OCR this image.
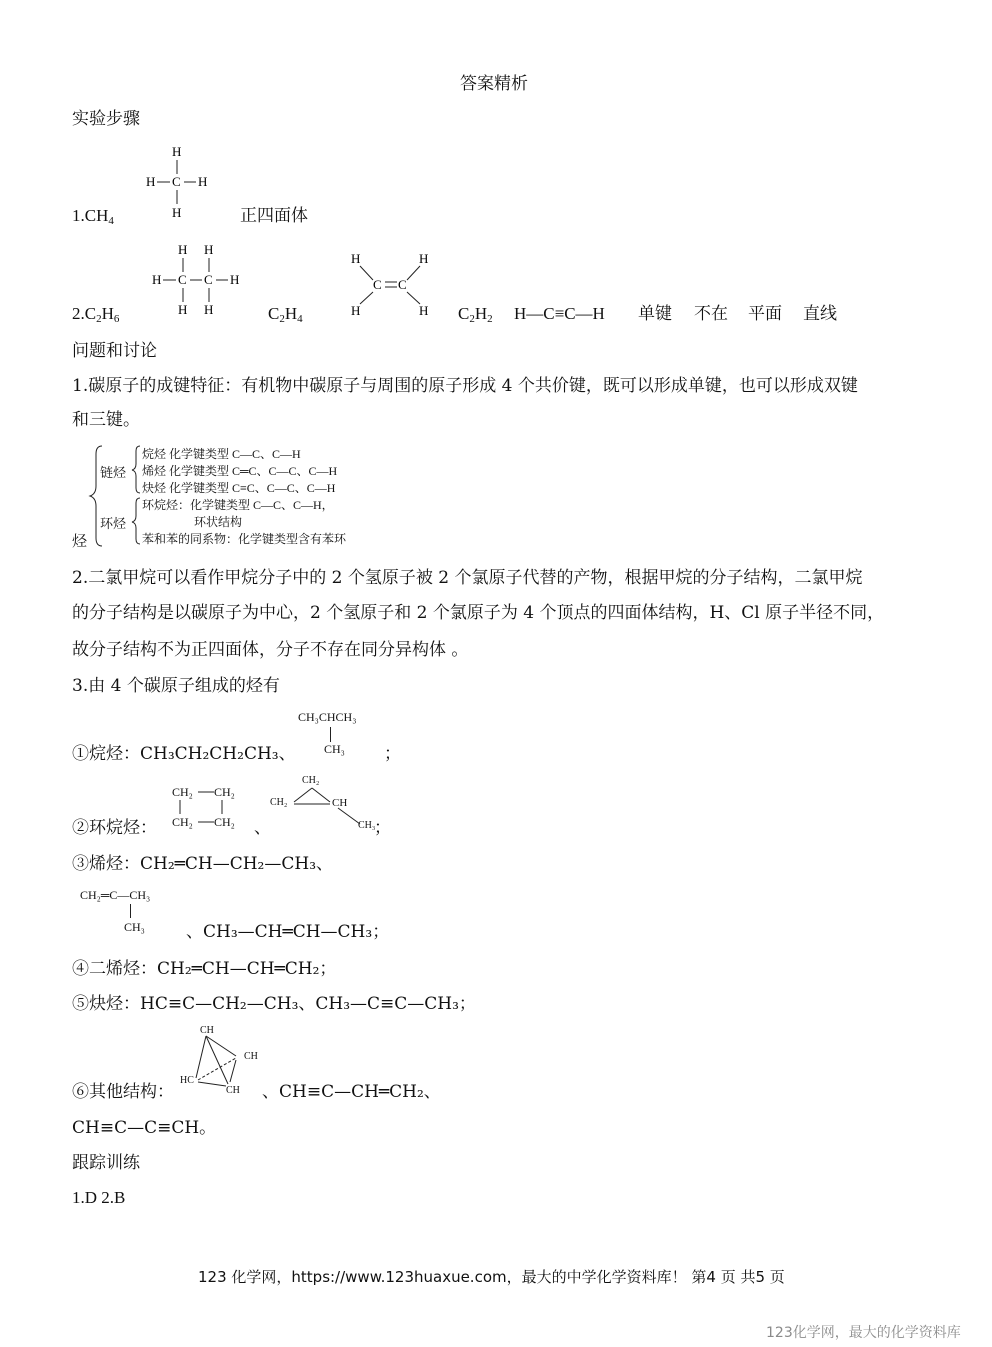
答案精析
实验步骤
H
H C H
H
$1.CH_4$	正四面体
H H
H C C H
H H
H	H
C C
H	H
$2.C_2H_6$	$C_2H_4$	$C_2H_2$ H—C≡C—H 单键 不在 平面 直线
问题和讨论
1.碳原子的成键特征：有机物中碳原子与周围的原子形成 4 个共价键，既可以形成单键，也可以形成双键
和三键。
烃
链烃
环烃
烷烃 化学键类型 C—C、C—H
烯烃 化学键类型 C═C、C—C、C—H
炔烃 化学键类型 C≡C、C—C、C—H
环烷烃：化学键类型 C—C、C—H，
环状结构
苯和苯的同系物：化学键类型含有苯环
2.二氯甲烷可以看作甲烷分子中的 2 个氢原子被 2 个氯原子代替的产物，根据甲烷的分子结构，二氯甲烷
的分子结构是以碳原子为中心，2 个氢原子和 2 个氯原子为 4 个顶点的四面体结构，H、Cl 原子半径不同，
故分子结构不为正四面体，分子不存在同分异构体 。
3.由 4 个碳原子组成的烃有
①烷烃：CH₃CH₂CH₂CH₃、
CH₃CHCH₃
CH₃ ；
②环烷烃：
CH₂ CH₂
CH₂ CH₂ 、
CH₂
CH₂	CH
CH₃
；
③烯烃：CH₂═CH—CH₂—CH₃、
CH₂═C—CH₃
CH₃ 、CH₃—CH═CH—CH₃；
④二烯烃：CH₂═CH—CH═CH₂；
⑤炔烃：HC≡C—CH₂—CH₃、CH₃—C≡C—CH₃；
⑥其他结构：
CH
CH
HC
CH 、CH≡C—CH═CH₂、
CH≡C—C≡CH。
跟踪训练
1.D 2.B
123 化学网，https://www.123huaxue.com，最大的中学化学资料库！ 第4 页 共5 页
123化学网，最大的化学资料库
